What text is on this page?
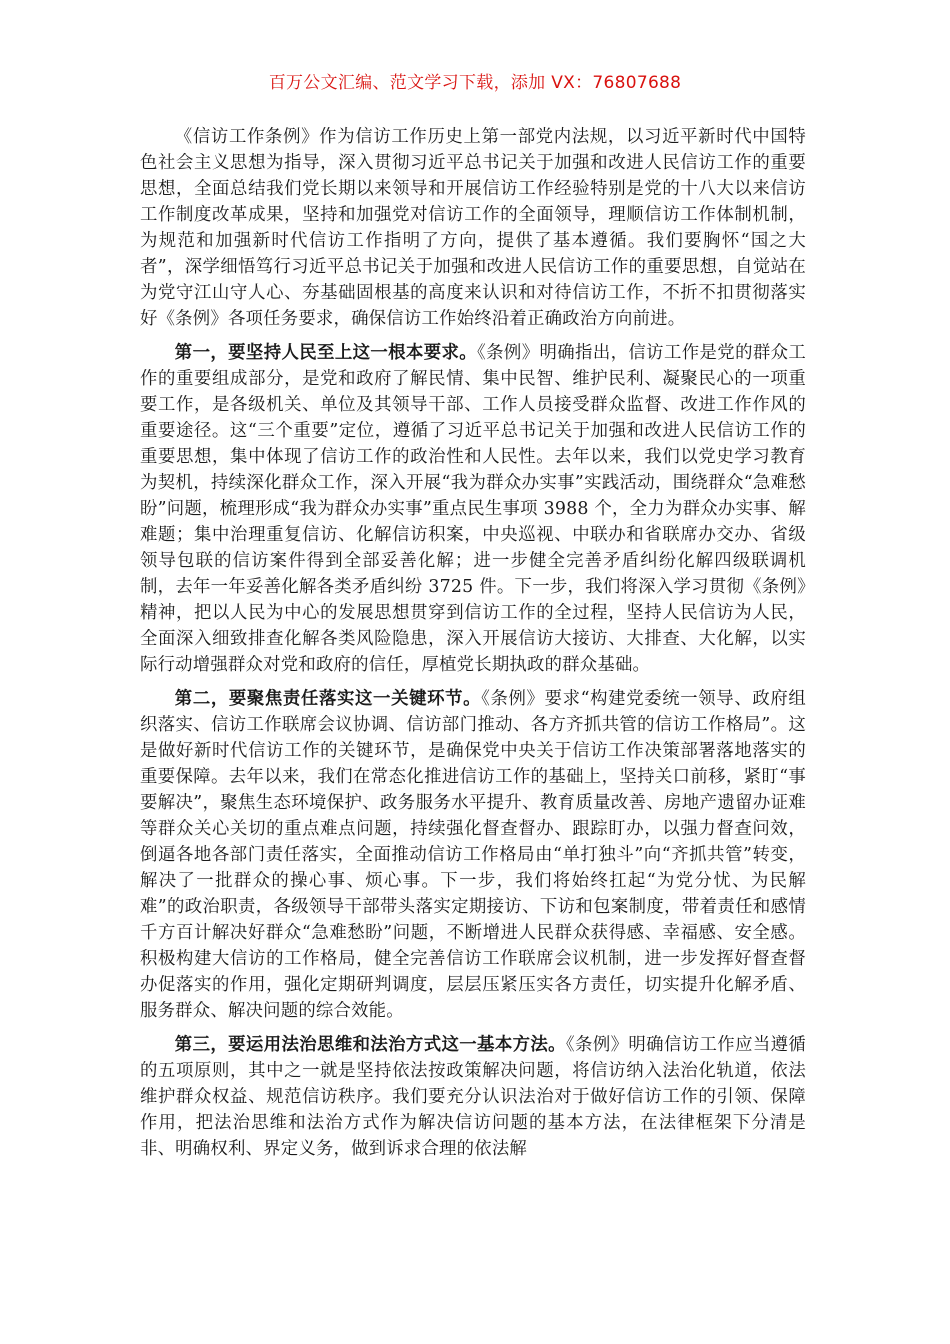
百万公文汇编、范文学习下载，添加 VX：76807688

《信访工作条例》作为信访工作历史上第一部党内法规，以习近平新时代中国特色社会主义思想为指导，深入贯彻习近平总书记关于加强和改进人民信访工作的重要思想，全面总结我们党长期以来领导和开展信访工作经验特别是党的十八大以来信访工作制度改革成果，坚持和加强党对信访工作的全面领导，理顺信访工作体制机制，为规范和加强新时代信访工作指明了方向，提供了基本遵循。我们要胸怀“国之大者”，深学细悟笃行习近平总书记关于加强和改进人民信访工作的重要思想，自觉站在为党守江山守人心、夯基础固根基的高度来认识和对待信访工作，不折不扣贯彻落实好《条例》各项任务要求，确保信访工作始终沿着正确政治方向前进。

第一，要坚持人民至上这一根本要求。《条例》明确指出，信访工作是党的群众工作的重要组成部分，是党和政府了解民情、集中民智、维护民利、凝聚民心的一项重要工作，是各级机关、单位及其领导干部、工作人员接受群众监督、改进工作作风的重要途径。这“三个重要”定位，遵循了习近平总书记关于加强和改进人民信访工作的重要思想，集中体现了信访工作的政治性和人民性。去年以来，我们以党史学习教育为契机，持续深化群众工作，深入开展“我为群众办实事”实践活动，围绕群众“急难愁盼”问题，梳理形成“我为群众办实事”重点民生事项 3988 个，全力为群众办实事、解难题；集中治理重复信访、化解信访积案，中央巡视、中联办和省联席办交办、省级领导包联的信访案件得到全部妥善化解；进一步健全完善矛盾纠纷化解四级联调机制，去年一年妥善化解各类矛盾纠纷 3725 件。下一步，我们将深入学习贯彻《条例》精神，把以人民为中心的发展思想贯穿到信访工作的全过程，坚持人民信访为人民，全面深入细致排查化解各类风险隐患，深入开展信访大接访、大排查、大化解，以实际行动增强群众对党和政府的信任，厚植党长期执政的群众基础。

第二，要聚焦责任落实这一关键环节。《条例》要求“构建党委统一领导、政府组织落实、信访工作联席会议协调、信访部门推动、各方齐抓共管的信访工作格局”。这是做好新时代信访工作的关键环节，是确保党中央关于信访工作决策部署落地落实的重要保障。去年以来，我们在常态化推进信访工作的基础上，坚持关口前移，紧盯“事要解决”，聚焦生态环境保护、政务服务水平提升、教育质量改善、房地产遗留办证难等群众关心关切的重点难点问题，持续强化督查督办、跟踪盯办，以强力督查问效，倒逼各地各部门责任落实，全面推动信访工作格局由“单打独斗”向“齐抓共管”转变，解决了一批群众的操心事、烦心事。下一步，我们将始终扛起“为党分忧、为民解难”的政治职责，各级领导干部带头落实定期接访、下访和包案制度，带着责任和感情千方百计解决好群众“急难愁盼”问题，不断增进人民群众获得感、幸福感、安全感。积极构建大信访的工作格局，健全完善信访工作联席会议机制，进一步发挥好督查督办促落实的作用，强化定期研判调度，层层压紧压实各方责任，切实提升化解矛盾、服务群众、解决问题的综合效能。

第三，要运用法治思维和法治方式这一基本方法。《条例》明确信访工作应当遵循的五项原则，其中之一就是坚持依法按政策解决问题，将信访纳入法治化轨道，依法维护群众权益、规范信访秩序。我们要充分认识法治对于做好信访工作的引领、保障作用，把法治思维和法治方式作为解决信访问题的基本方法，在法律框架下分清是非、明确权利、界定义务，做到诉求合理的依法解
